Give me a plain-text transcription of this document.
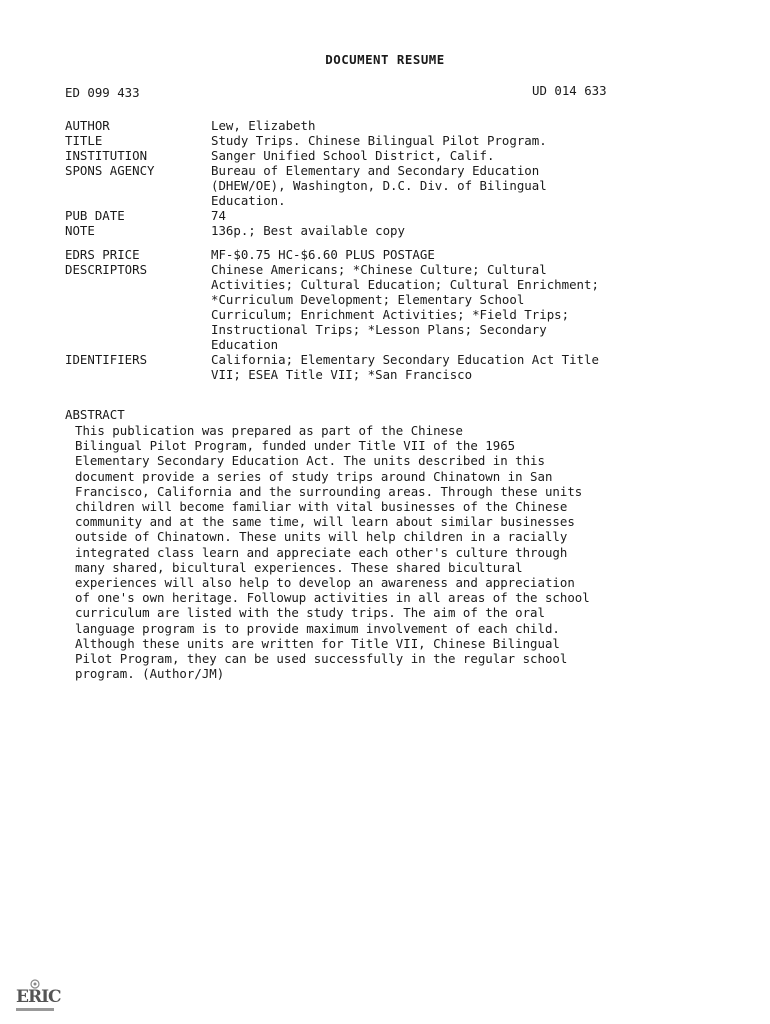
DOCUMENT RESUME
ED 099 433	UD 014 633
AUTHOR	Lew, Elizabeth
TITLE	Study Trips. Chinese Bilingual Pilot Program.
INSTITUTION	Sanger Unified School District, Calif.
SPONS AGENCY	Bureau of Elementary and Secondary Education
(DHEW/OE), Washington, D.C. Div. of Bilingual
Education.
PUB DATE	74
NOTE	136p.; Best available copy
EDRS PRICE	MF-$0.75 HC-$6.60 PLUS POSTAGE
DESCRIPTORS	Chinese Americans; *Chinese Culture; Cultural
Activities; Cultural Education; Cultural Enrichment;
*Curriculum Development; Elementary School
Curriculum; Enrichment Activities; *Field Trips;
Instructional Trips; *Lesson Plans; Secondary
Education
IDENTIFIERS	California; Elementary Secondary Education Act Title
VII; ESEA Title VII; *San Francisco
ABSTRACT
This publication was prepared as part of the Chinese
Bilingual Pilot Program, funded under Title VII of the 1965
Elementary Secondary Education Act. The units described in this
document provide a series of study trips around Chinatown in San
Francisco, California and the surrounding areas. Through these units
children will become familiar with vital businesses of the Chinese
community and at the same time, will learn about similar businesses
outside of Chinatown. These units will help children in a racially
integrated class learn and appreciate each other's culture through
many shared, bicultural experiences. These shared bicultural
experiences will also help to develop an awareness and appreciation
of one's own heritage. Followup activities in all areas of the school
curriculum are listed with the study trips. The aim of the oral
language program is to provide maximum involvement of each child.
Although these units are written for Title VII, Chinese Bilingual
Pilot Program, they can be used successfully in the regular school
program. (Author/JM)
ERIC
